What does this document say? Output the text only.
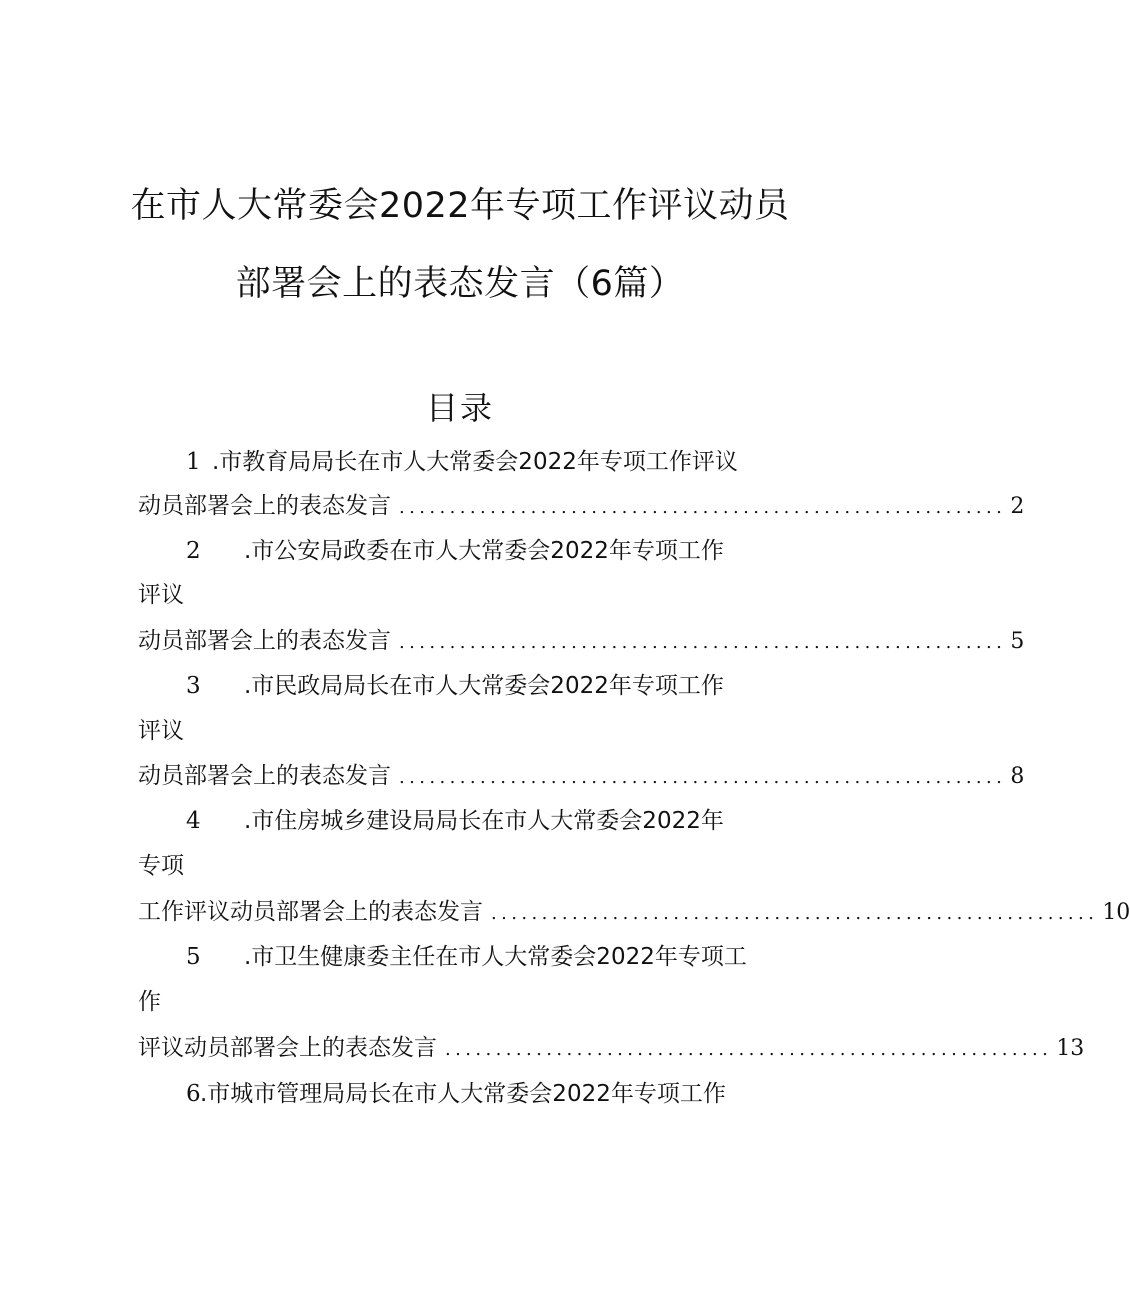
在市人大常委会2022年专项工作评议动员
部署会上的表态发言（6篇）
目录
1 .市教育局局长在市人大常委会2022年专项工作评议
动员部署会上的表态发言 ............................................................ 2
2 .市公安局政委在市人大常委会2022年专项工作
评议
动员部署会上的表态发言 ............................................................ 5
3 .市民政局局长在市人大常委会2022年专项工作
评议
动员部署会上的表态发言 ............................................................ 8
4 .市住房城乡建设局局长在市人大常委会2022年
专项
工作评议动员部署会上的表态发言 ............................................................ 10
5 .市卫生健康委主任在市人大常委会2022年专项工
作
评议动员部署会上的表态发言 ............................................................ 13
6 .市城市管理局局长在市人大常委会2022年专项工作
